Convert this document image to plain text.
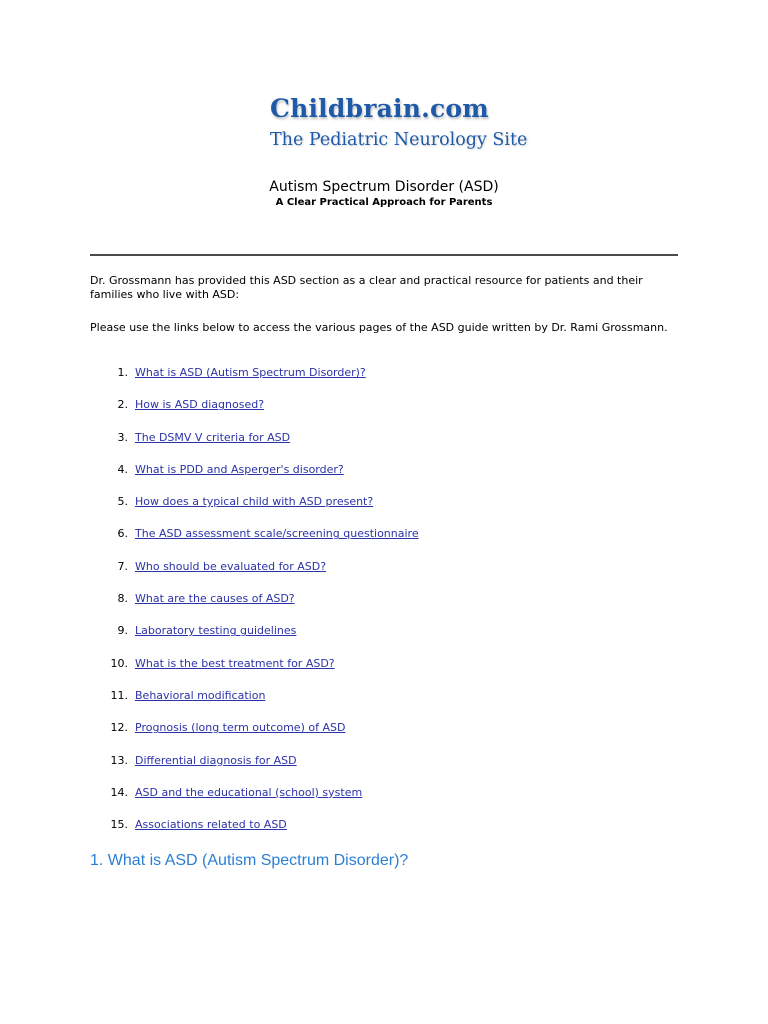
Childbrain.com
The Pediatric Neurology Site
Autism Spectrum Disorder (ASD)
A Clear Practical Approach for Parents
Dr. Grossmann has provided this ASD section as a clear and practical resource for patients and their families who live with ASD:
Please use the links below to access the various pages of the ASD guide written by Dr. Rami Grossmann.
1. What is ASD (Autism Spectrum Disorder)?
2. How is ASD diagnosed?
3. The DSMV V criteria for ASD
4. What is PDD and Asperger's disorder?
5. How does a typical child with ASD present?
6. The ASD assessment scale/screening questionnaire
7. Who should be evaluated for ASD?
8. What are the causes of ASD?
9. Laboratory testing guidelines
10. What is the best treatment for ASD?
11. Behavioral modification
12. Prognosis (long term outcome) of ASD
13. Differential diagnosis for ASD
14. ASD and the educational (school) system
15. Associations related to ASD
1. What is ASD (Autism Spectrum Disorder)?
